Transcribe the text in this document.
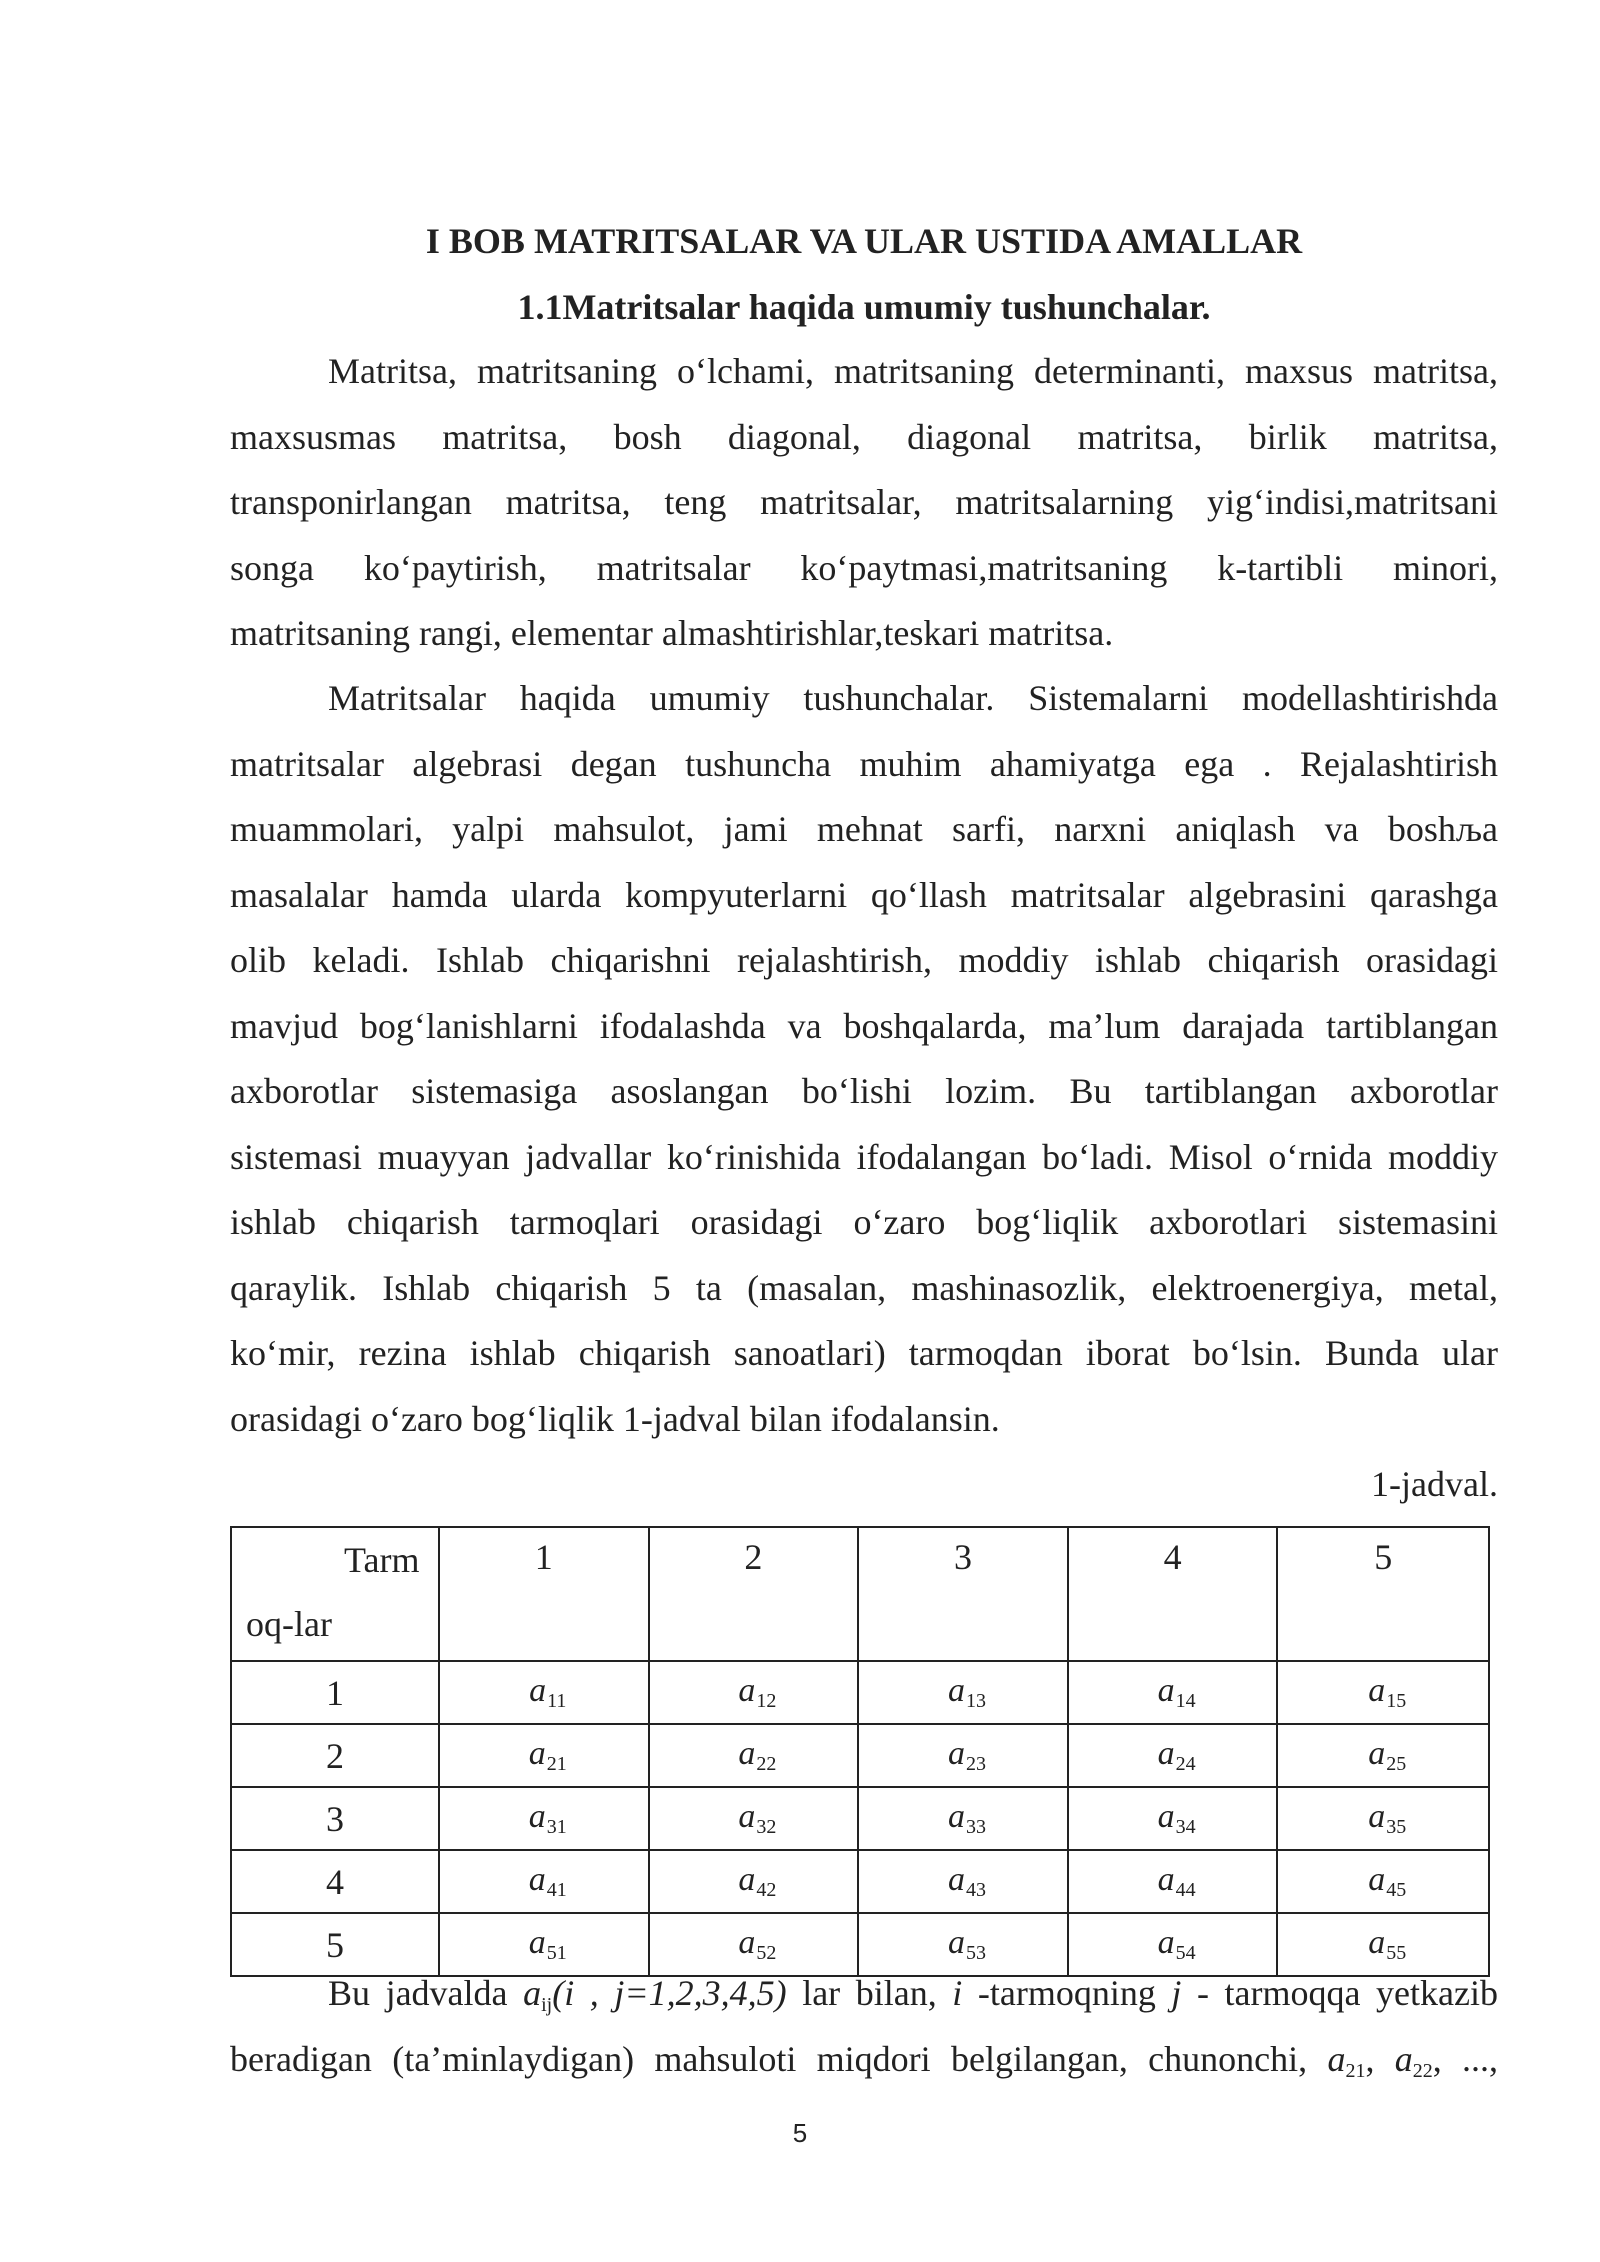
I BOB MATRITSALAR VA ULAR USTIDA AMALLAR
1.1Matritsalar haqida umumiy tushunchalar.
Matritsa, matritsaning o‘lchami, matritsaning determinanti, maxsus matritsa,
maxsusmas matritsa, bosh diagonal, diagonal matritsa, birlik matritsa,
transponirlangan matritsa, teng matritsalar, matritsalarning yig‘indisi,matritsani
songa ko‘paytirish, matritsalar ko‘paytmasi,matritsaning k-tartibli minori,
matritsaning rangi, elementar almashtirishlar,teskari matritsa.
Matritsalar haqida umumiy tushunchalar. Sistemalarni modellashtirishda
matritsalar algebrasi degan tushuncha muhim ahamiyatga ega . Rejalashtirish
muammolari, yalpi mahsulot, jami mehnat sarfi, narxni aniqlash va boshљa
masalalar hamda ularda kompyuterlarni qo‘llash matritsalar algebrasini qarashga
olib keladi. Ishlab chiqarishni rejalashtirish, moddiy ishlab chiqarish orasidagi
mavjud bog‘lanishlarni ifodalashda va boshqalarda, ma’lum darajada tartiblangan
axborotlar sistemasiga asoslangan bo‘lishi lozim. Bu tartiblangan axborotlar
sistemasi muayyan jadvallar ko‘rinishida ifodalangan bo‘ladi. Misol o‘rnida moddiy
ishlab chiqarish tarmoqlari orasidagi o‘zaro bog‘liqlik axborotlari sistemasini
qaraylik. Ishlab chiqarish 5 ta (masalan, mashinasozlik, elektroenergiya, metal,
ko‘mir, rezina ishlab chiqarish sanoatlari) tarmoqdan iborat bo‘lsin. Bunda ular
orasidagi o‘zaro bog‘liqlik 1-jadval bilan ifodalansin.
1-jadval.
Tarm
oq-lar	1	2	3	4	5
1	$a_{11}$	$a_{12}$	$a_{13}$	$a_{14}$	$a_{15}$
2	$a_{21}$	$a_{22}$	$a_{23}$	$a_{24}$	$a_{25}$
3	$a_{31}$	$a_{32}$	$a_{33}$	$a_{34}$	$a_{35}$
4	$a_{41}$	$a_{42}$	$a_{43}$	$a_{44}$	$a_{45}$
5	$a_{51}$	$a_{52}$	$a_{53}$	$a_{54}$	$a_{55}$
Bu jadvalda aij(i , j=1,2,3,4,5) lar bilan, i -tarmoqning j - tarmoqqa yetkazib
beradigan (ta’minlaydigan) mahsuloti miqdori belgilangan, chunonchi, a21, a22, ...,
5
